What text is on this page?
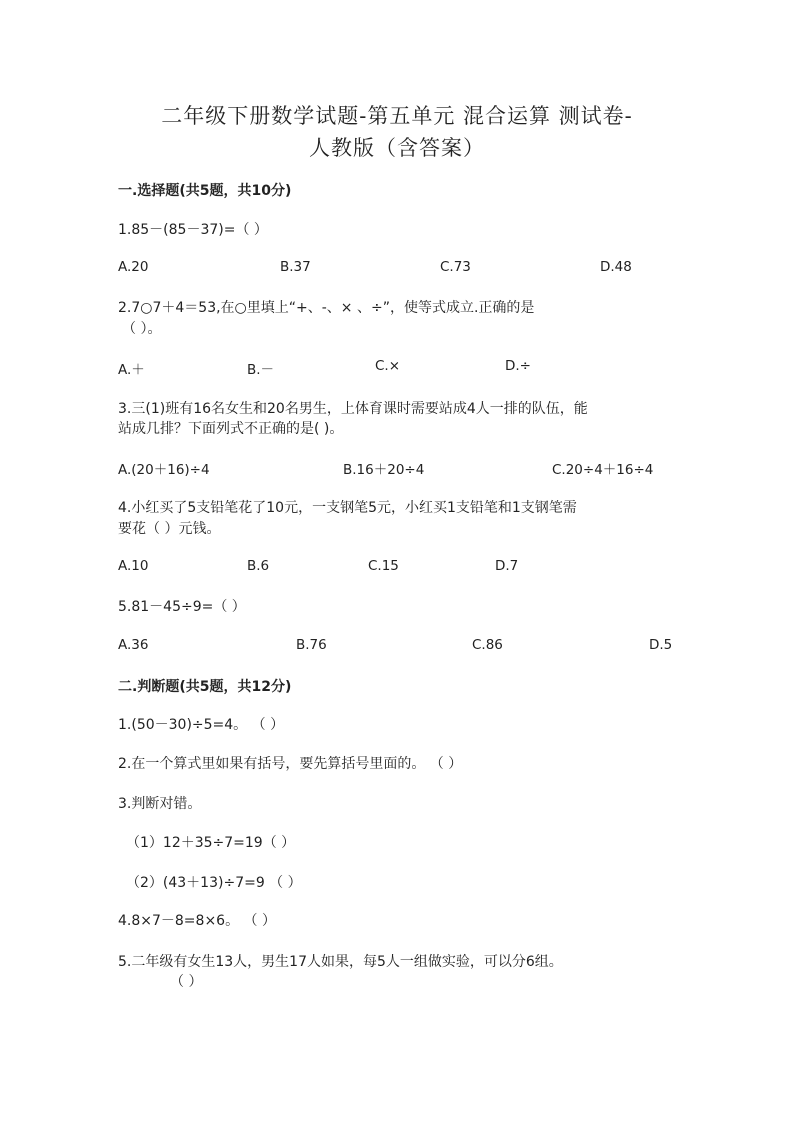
二年级下册数学试题-第五单元 混合运算 测试卷-
人教版（含答案）
一.选择题(共5题，共10分)
1.85－(85－37)=（ ）
A.20	B.37	C.73	D.48
2.7○7＋4＝53,在○里填上“+、-、× 、÷”，使等式成立.正确的是
（ ）。
A.＋	B.－	C.×	D.÷
3.三(1)班有16名女生和20名男生，上体育课时需要站成4人一排的队伍，能
站成几排？下面列式不正确的是( )。
A.(20＋16)÷4	B.16＋20÷4	C.20÷4＋16÷4
4.小红买了5支铅笔花了10元，一支钢笔5元，小红买1支铅笔和1支钢笔需
要花（ ）元钱。
A.10	B.6	C.15	D.7
5.81－45÷9=（ ）
A.36	B.76	C.86	D.5
二.判断题(共5题，共12分)
1.(50－30)÷5=4。 （ ）
2.在一个算式里如果有括号，要先算括号里面的。 （ ）
3.判断对错。
（1）12＋35÷7=19（ ）
（2）(43＋13)÷7=9 （ ）
4.8×7－8=8×6。 （ ）
5.二年级有女生13人，男生17人如果，每5人一组做实验，可以分6组。
（ ）
